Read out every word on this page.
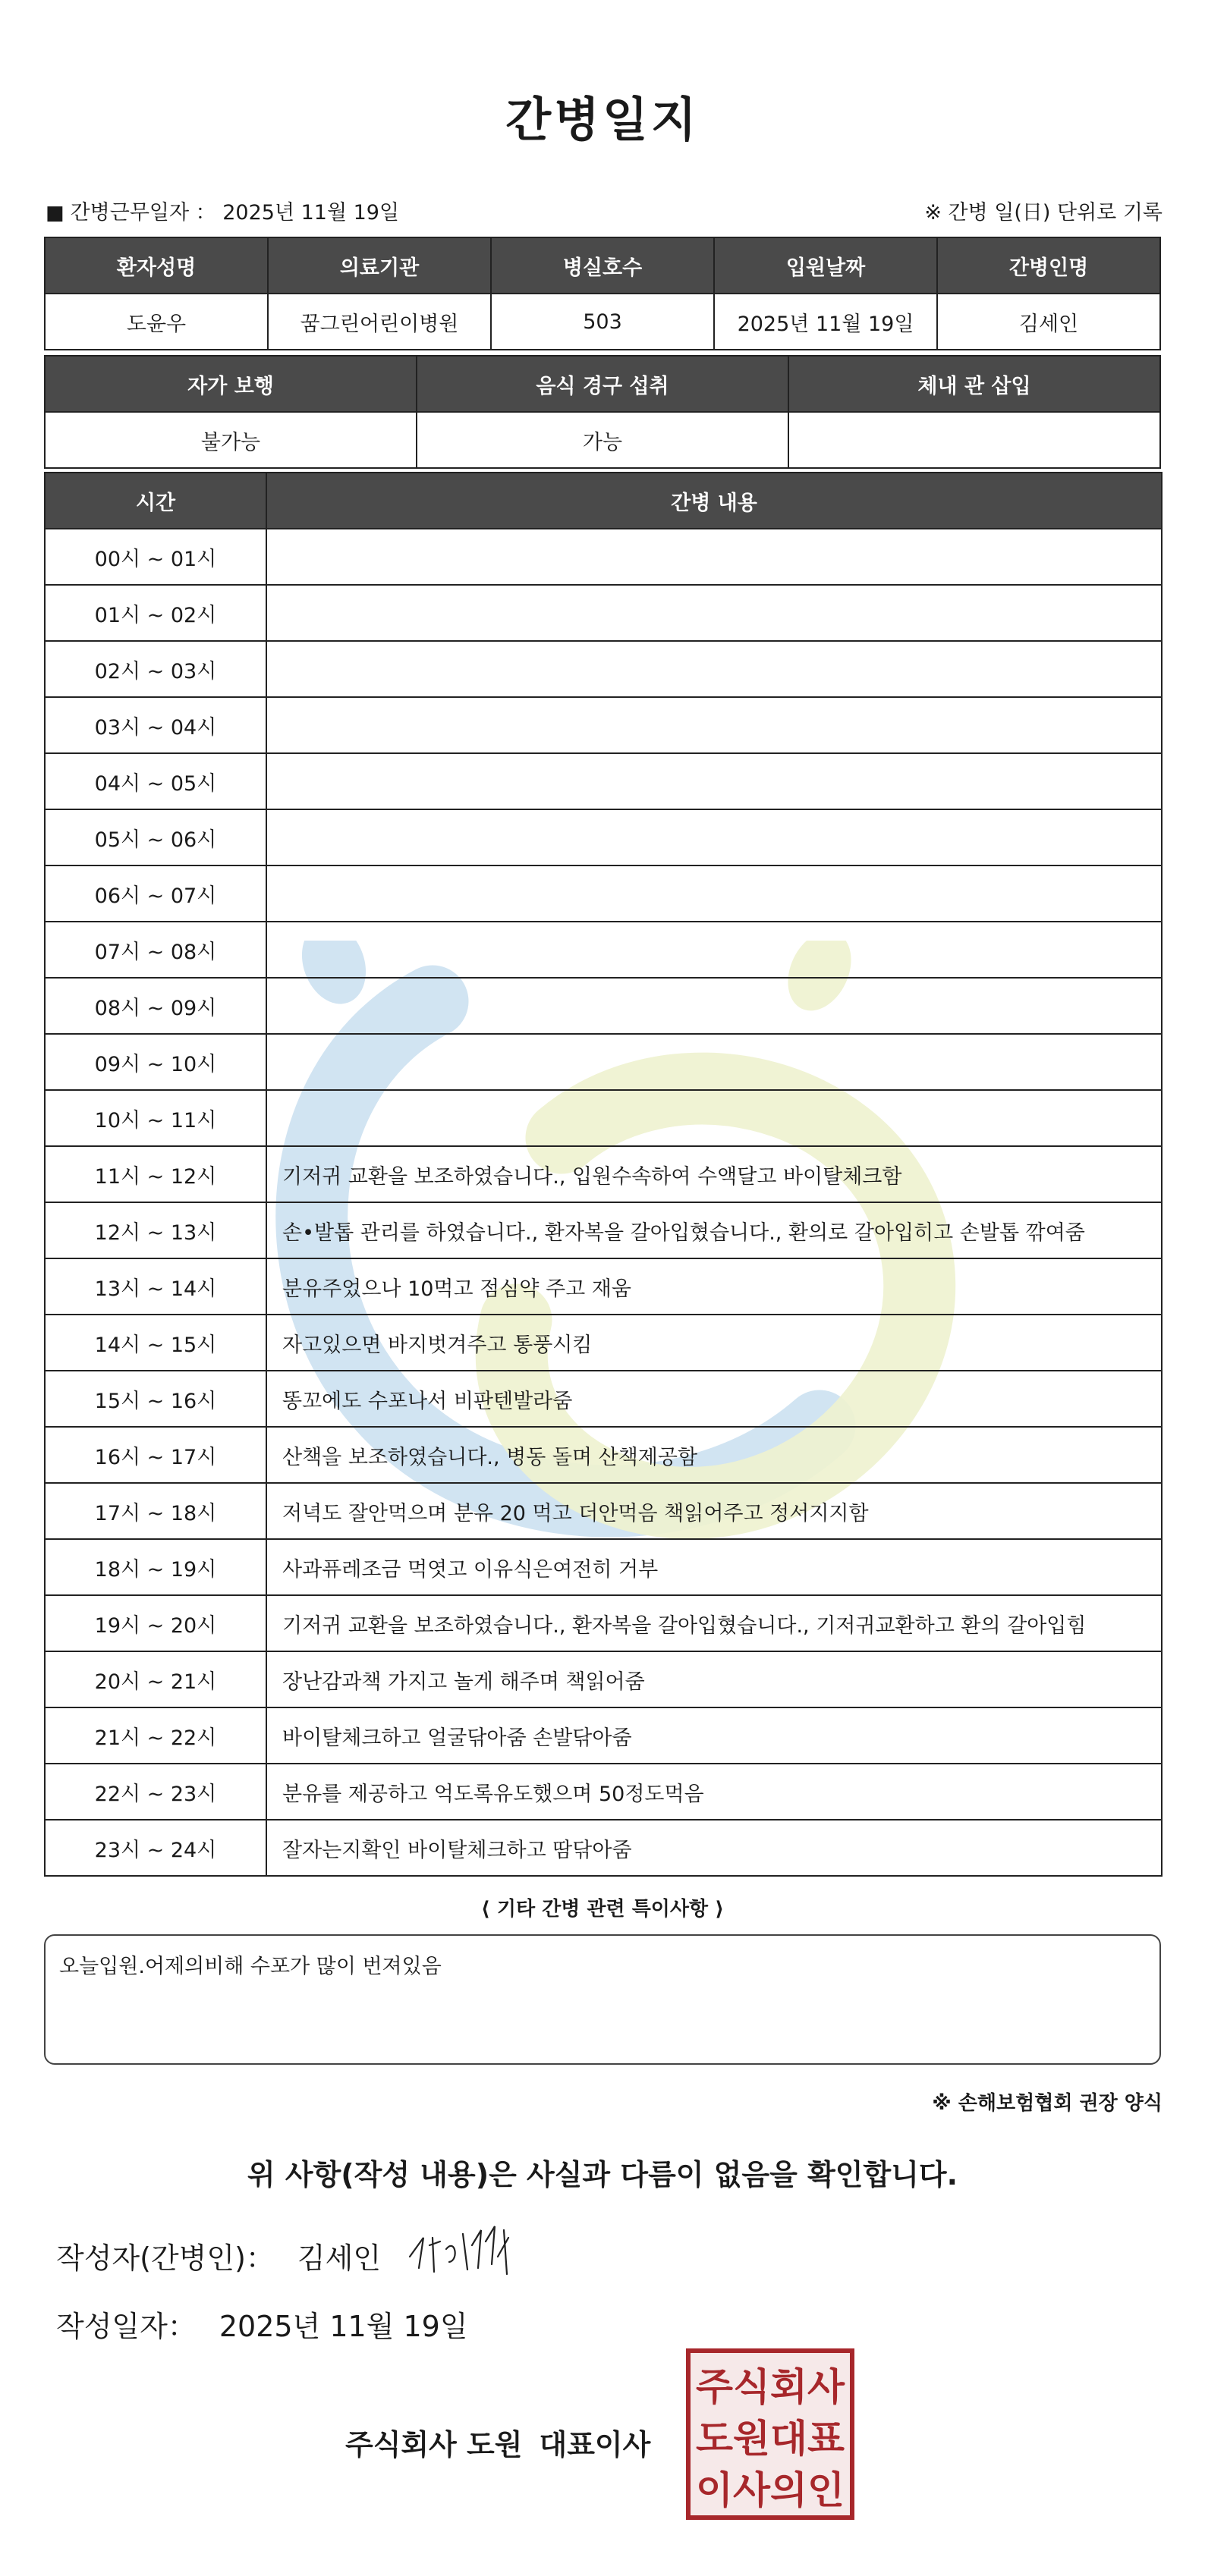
간병일지
■ 간병근무일자 ： 2025년 11월 19일	※ 간병 일(日) 단위로 기록
환자성명	의료기관	병실호수	입원날짜	간병인명
도윤우	꿈그린어린이병원	503	2025년 11월 19일	김세인
자가 보행	음식 경구 섭취	체내 관 삽입
불가능	가능	
시간	간병 내용
00시 ~ 01시	
01시 ~ 02시	
02시 ~ 03시	
03시 ~ 04시	
04시 ~ 05시	
05시 ~ 06시	
06시 ~ 07시	
07시 ~ 08시	
08시 ~ 09시	
09시 ~ 10시	
10시 ~ 11시	
11시 ~ 12시	기저귀 교환을 보조하였습니다., 입원수속하여 수액달고 바이탈체크함
12시 ~ 13시	손•발톱 관리를 하였습니다., 환자복을 갈아입혔습니다., 환의로 갈아입히고 손발톱 깎여줌
13시 ~ 14시	분유주었으나 10먹고 점심약 주고 재움
14시 ~ 15시	자고있으면 바지벗겨주고 통풍시킴
15시 ~ 16시	똥꼬에도 수포나서 비판텐발라줌
16시 ~ 17시	산책을 보조하였습니다., 병동 돌며 산책제공함
17시 ~ 18시	저녁도 잘안먹으며 분유 20 먹고 더안먹음 책읽어주고 정서지지함
18시 ~ 19시	사과퓨레조금 먹엿고 이유식은여전히 거부
19시 ~ 20시	기저귀 교환을 보조하였습니다., 환자복을 갈아입혔습니다., 기저귀교환하고 환의 갈아입힘
20시 ~ 21시	장난감과책 가지고 놀게 해주며 책읽어줌
21시 ~ 22시	바이탈체크하고 얼굴닦아줌 손발닦아줌
22시 ~ 23시	분유를 제공하고 억도록유도했으며 50정도먹음
23시 ~ 24시	잘자는지확인 바이탈체크하고 땀닦아줌
⟨ 기타 간병 관련 특이사항 ⟩
오늘입원.어제의비해 수포가 많이 번져있음
※ 손해보험협회 권장 양식
위 사항(작성 내용)은 사실과 다름이 없음을 확인합니다.
작성자(간병인)： 김세인
작성일자： 2025년 11월 19일
주식회사 도원 대표이사
주식회사
도원대표
이사의인
